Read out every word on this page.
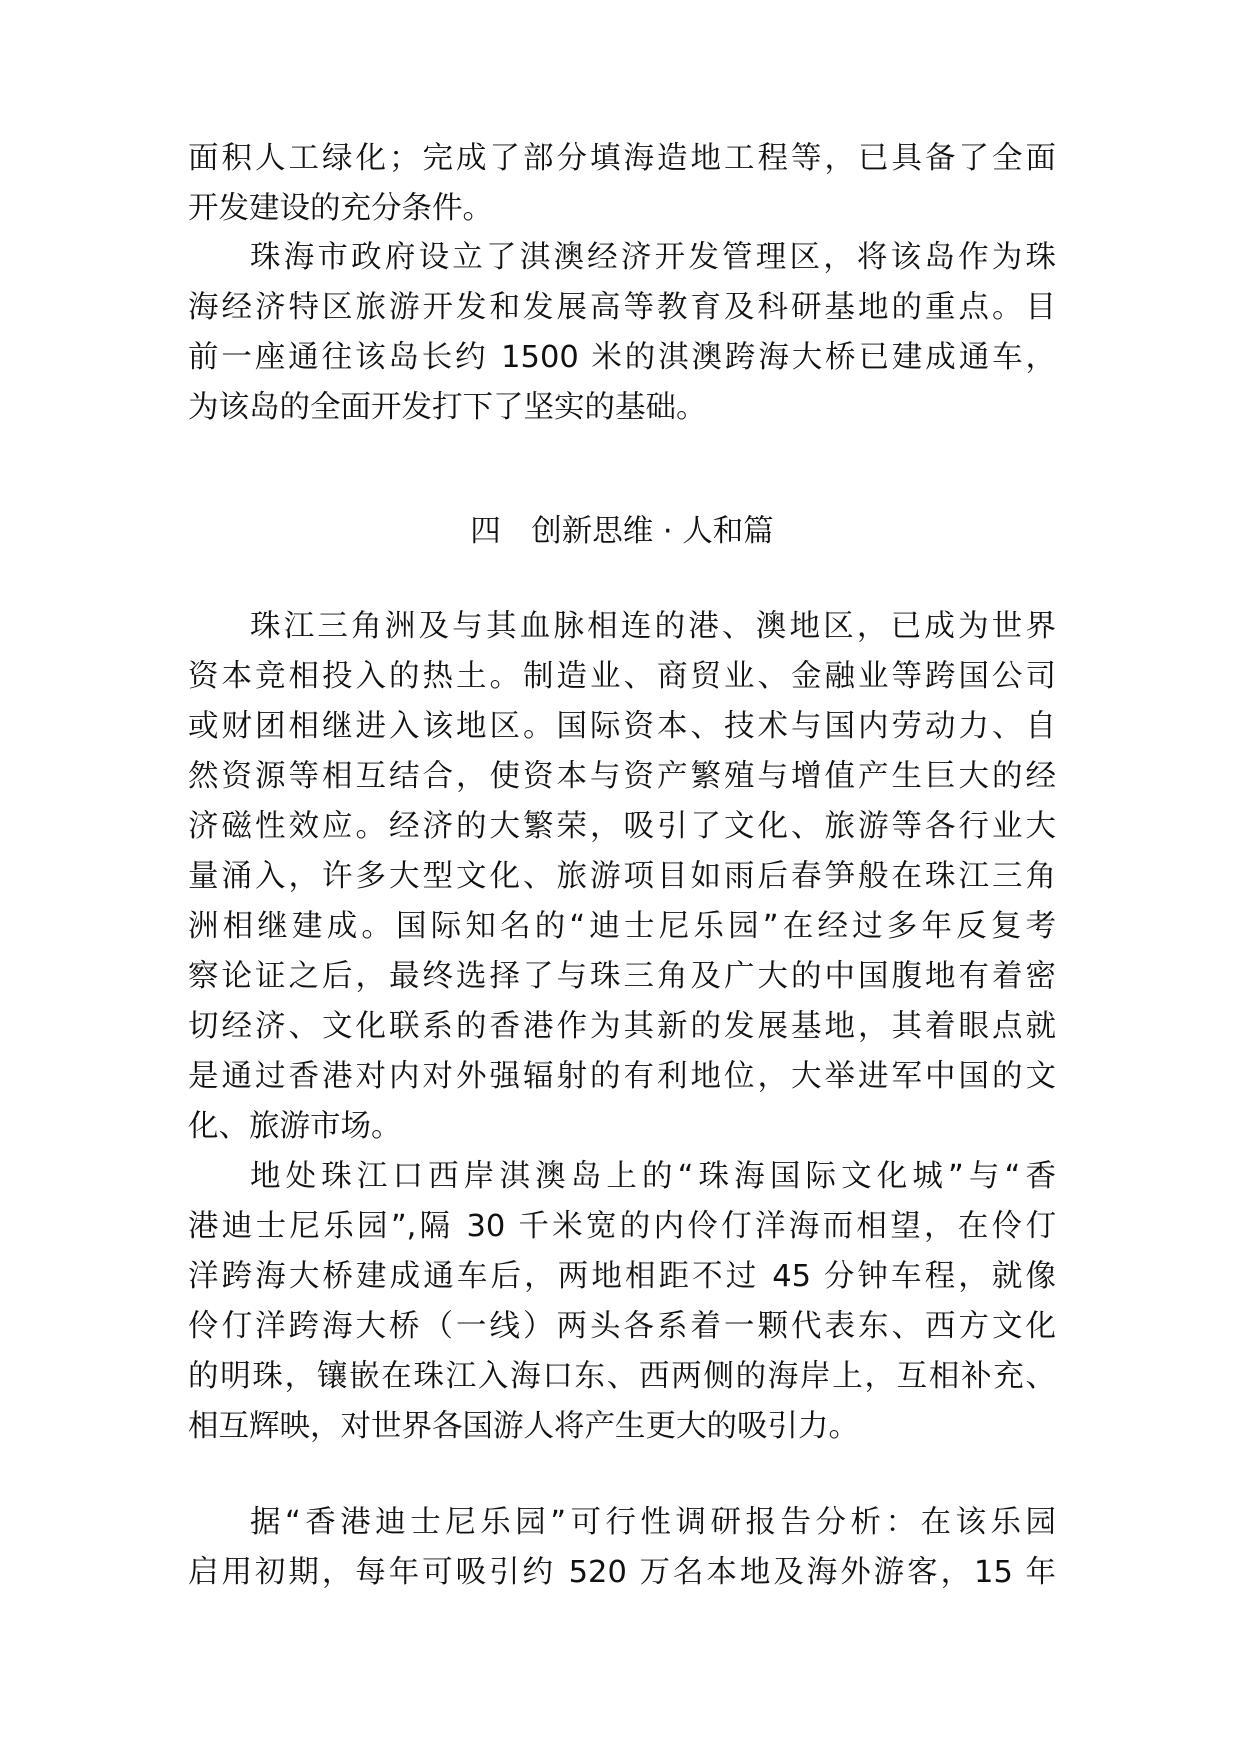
面积人工绿化；完成了部分填海造地工程等，已具备了全面
开发建设的充分条件。
珠海市政府设立了淇澳经济开发管理区，将该岛作为珠
海经济特区旅游开发和发展高等教育及科研基地的重点。目
前一座通往该岛长约 1500 米的淇澳跨海大桥已建成通车，
为该岛的全面开发打下了坚实的基础。

四　创新思维 · 人和篇

珠江三角洲及与其血脉相连的港、澳地区，已成为世界
资本竞相投入的热土。制造业、商贸业、金融业等跨国公司
或财团相继进入该地区。国际资本、技术与国内劳动力、自
然资源等相互结合，使资本与资产繁殖与增值产生巨大的经
济磁性效应。经济的大繁荣，吸引了文化、旅游等各行业大
量涌入，许多大型文化、旅游项目如雨后春笋般在珠江三角
洲相继建成。国际知名的“迪士尼乐园”在经过多年反复考
察论证之后，最终选择了与珠三角及广大的中国腹地有着密
切经济、文化联系的香港作为其新的发展基地，其着眼点就
是通过香港对内对外强辐射的有利地位，大举进军中国的文
化、旅游市场。
地处珠江口西岸淇澳岛上的“珠海国际文化城”与“香
港迪士尼乐园”,隔 30 千米宽的内伶仃洋海而相望，在伶仃
洋跨海大桥建成通车后，两地相距不过 45 分钟车程，就像
伶仃洋跨海大桥（一线）两头各系着一颗代表东、西方文化
的明珠，镶嵌在珠江入海口东、西两侧的海岸上，互相补充、
相互辉映，对世界各国游人将产生更大的吸引力。
据“香港迪士尼乐园”可行性调研报告分析：在该乐园
启用初期，每年可吸引约 520 万名本地及海外游客，15 年
